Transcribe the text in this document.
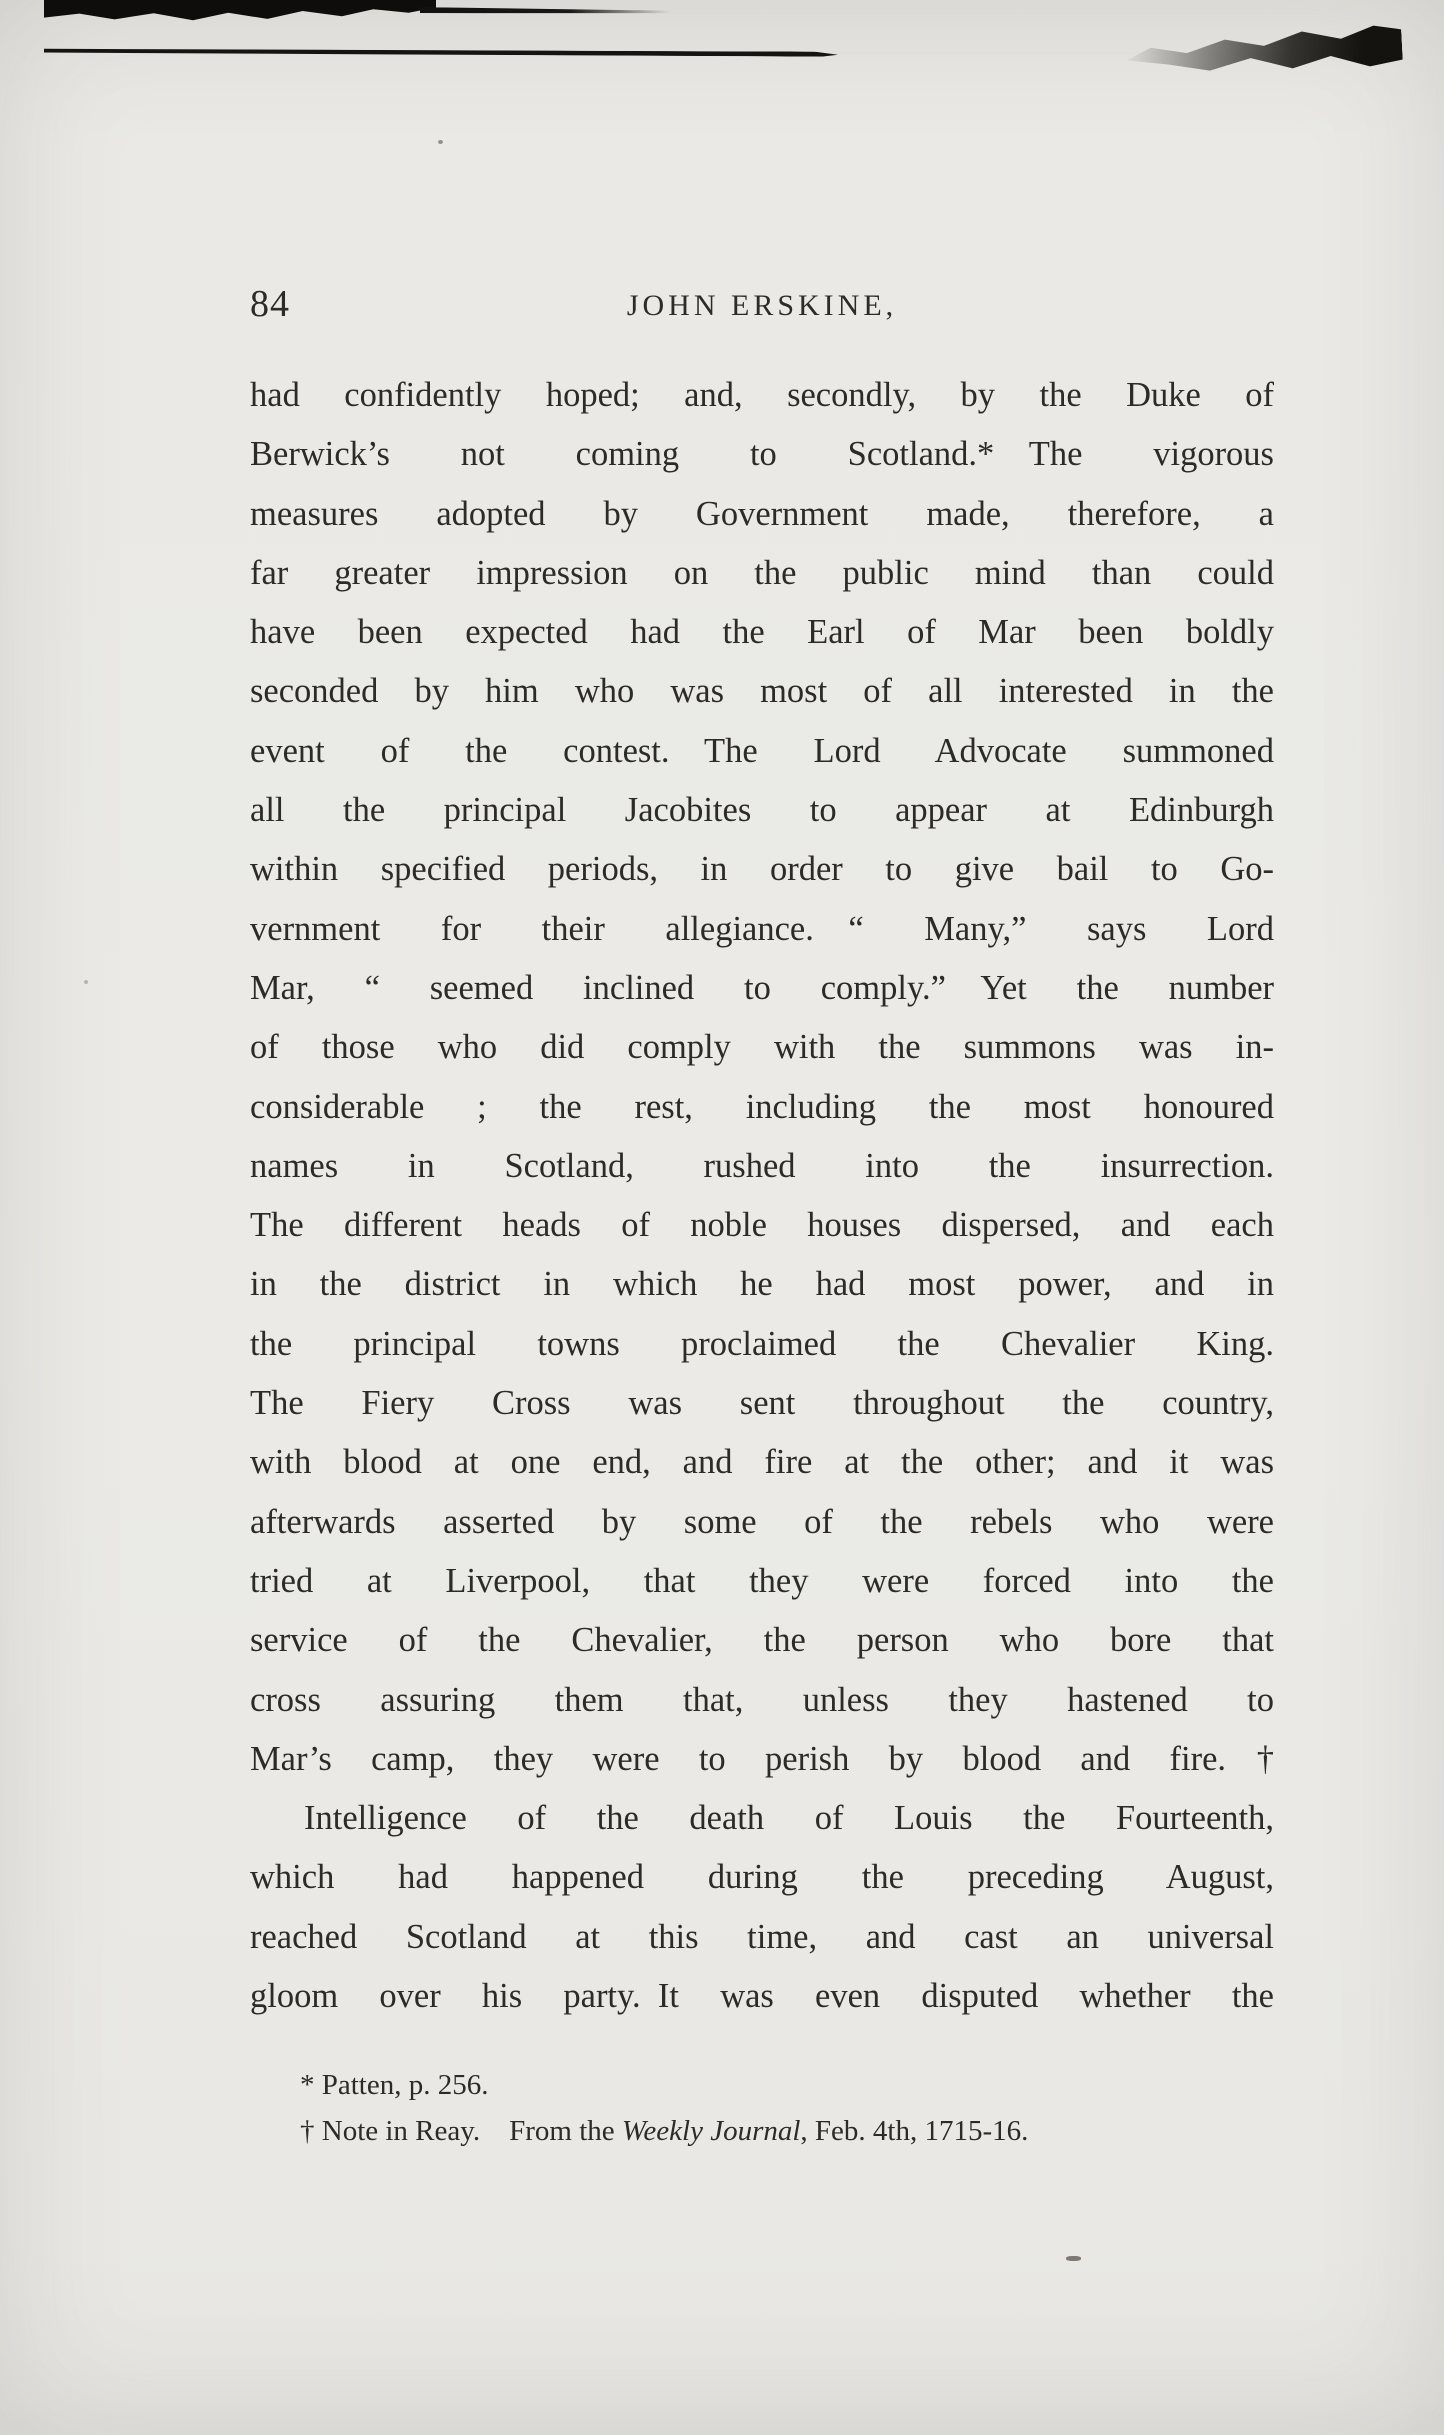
84	JOHN ERSKINE,
had confidently hoped; and, secondly, by the Duke of
Berwick’s not coming to Scotland.*  The vigorous
measures adopted by Government made, therefore, a
far greater impression on the public mind than could
have been expected had the Earl of Mar been boldly
seconded by him who was most of all interested in the
event of the contest.  The Lord Advocate summoned
all the principal Jacobites to appear at Edinburgh
within specified periods, in order to give bail to Go-
vernment for their allegiance.  “ Many,” says Lord
Mar, “ seemed inclined to comply.”  Yet the number
of those who did comply with the summons was in-
considerable ; the rest, including the most honoured
names in Scotland, rushed into the insurrection.
The different heads of noble houses dispersed, and each
in the district in which he had most power, and in
the principal towns proclaimed the Chevalier King.
The Fiery Cross was sent throughout the country,
with blood at one end, and fire at the other; and it was
afterwards asserted by some of the rebels who were
tried at Liverpool, that they were forced into the
service of the Chevalier, the person who bore that
cross assuring them that, unless they hastened to
Mar’s camp, they were to perish by blood and fire.†
Intelligence of the death of Louis the Fourteenth,
which had happened during the preceding August,
reached Scotland at this time, and cast an universal
gloom over his party. It was even disputed whether the
* Patten, p. 256.
† Note in Reay.  From the Weekly Journal, Feb. 4th, 1715-16.
